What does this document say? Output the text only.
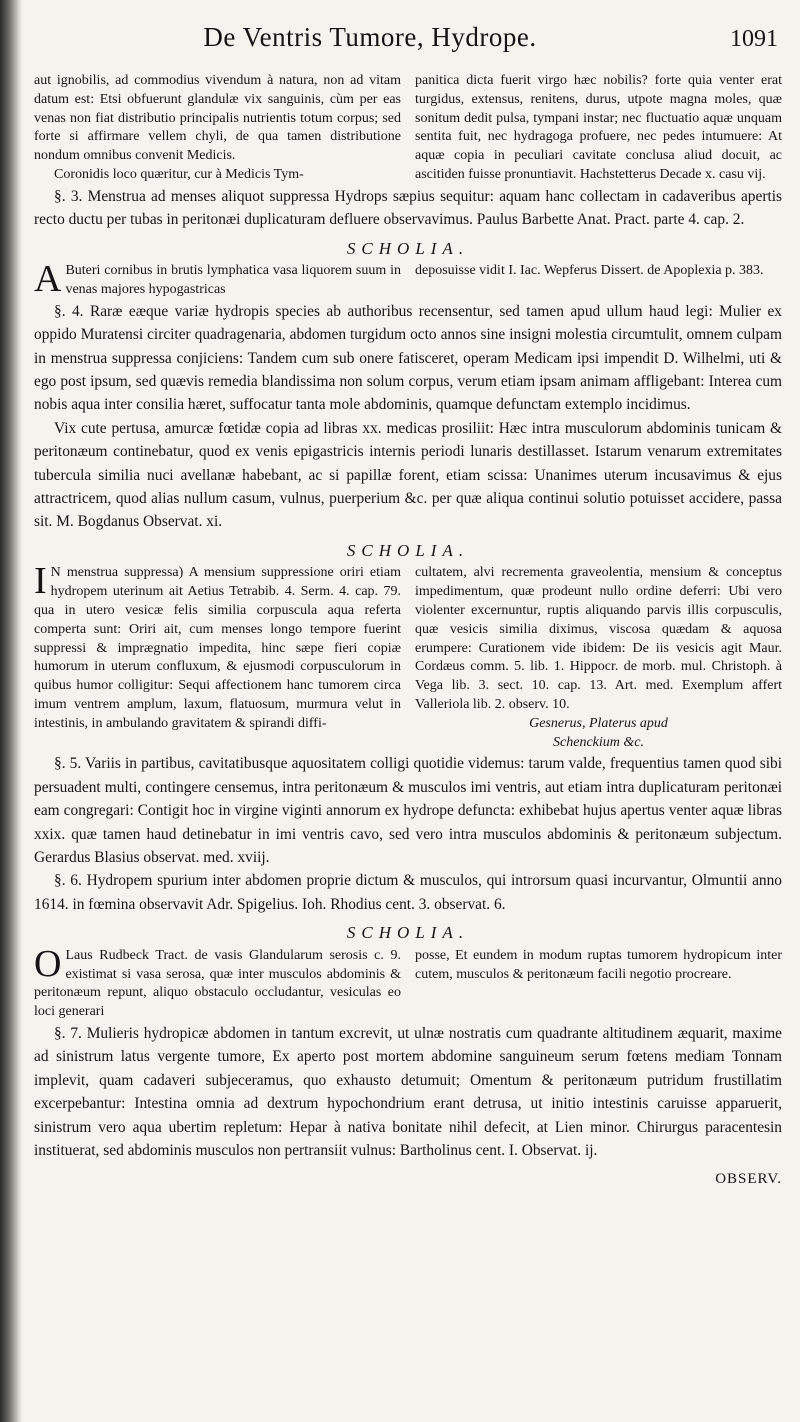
De Ventris Tumore, Hydrope.	1091

aut ignobilis, ad commodius vivendum à natura, non ad vitam datum est: Etsi obfuerunt glandulæ vix sanguinis, cùm per eas venas non fiat distributio principalis nutrientis totum corpus; sed forte si affirmare vellem chyli, de qua tamen distributione nondum omnibus convenit Medicis.

Coronidis loco quæritur, cur à Medicis Tym-

panitica dicta fuerit virgo hæc nobilis? forte quia venter erat turgidus, extensus, renitens, durus, utpote magna moles, quæ sonitum dedit pulsa, tympani instar; nec fluctuatio aquæ unquam sentita fuit, nec hydragoga profuere, nec pedes intumuere: At aquæ copia in peculiari cavitate conclusa aliud docuit, ac ascitiden fuisse pronuntiavit. Hachstetterus Decade x. casu vij.

§. 3. Menstrua ad menses aliquot suppressa Hydrops sæpius sequitur: aquam hanc collectam in cadaveribus apertis recto ductu per tubas in peritonæi duplicaturam defluere observavimus. Paulus Barbette Anat. Pract. parte 4. cap. 2.

SCHOLIA.
A Buteri cornibus in brutis lymphatica vasa liquorem suum in venas majores hypogastricas

deposuisse vidit I. Iac. Wepferus Dissert. de Apoplexia p. 383.

§. 4. Raræ eæque variæ hydropis species ab authoribus recensentur, sed tamen apud ullum haud legi: Mulier ex oppido Muratensi circiter quadragenaria, abdomen turgidum octo annos sine insigni molestia circumtulit, omnem culpam in menstrua suppressa conjiciens: Tandem cum sub onere fatisceret, operam Medicam ipsi impendit D. Wilhelmi, uti & ego post ipsum, sed quævis remedia blandissima non solum corpus, verum etiam ipsam animam affligebant: Interea cum nobis aqua inter consilia hæret, suffocatur tanta mole abdominis, quamque defunctam extemplo incidimus.

Vix cute pertusa, amurcæ fœtidæ copia ad libras xx. medicas prosiliit: Hæc intra musculorum abdominis tunicam & peritonæum continebatur, quod ex venis epigastricis internis periodi lunaris destillasset. Istarum venarum extremitates tubercula similia nuci avellanæ habebant, ac si papillæ forent, etiam scissa: Unanimes uterum incusavimus & ejus attractricem, quod alias nullum casum, vulnus, puerperium &c. per quæ aliqua continui solutio potuisset accidere, passa sit. M. Bogdanus Observat. xi.

SCHOLIA.
I N menstrua suppressa) A mensium suppressione oriri etiam hydropem uterinum ait Aetius Tetrabib. 4. Serm. 4. cap. 79. qua in utero vesicæ felis similia corpuscula aqua referta comperta sunt: Oriri ait, cum menses longo tempore fuerint suppressi & imprægnatio impedita, hinc sæpe fieri copiæ humorum in uterum confluxum, & ejusmodi corpusculorum in quibus humor colligitur: Sequi affectionem hanc tumorem circa imum ventrem amplum, laxum, flatuosum, murmura velut in intestinis, in ambulando gravitatem & spirandi diffi-

cultatem, alvi recrementa graveolentia, mensium & conceptus impedimentum, quæ prodeunt nullo ordine deferri: Ubi vero violenter excernuntur, ruptis aliquando parvis illis corpusculis, quæ vesicis similia diximus, viscosa quædam & aquosa erumpere: Curationem vide ibidem: De iis vesicis agit Maur. Cordæus comm. 5. lib. 1. Hippocr. de morb. mul. Christoph. à Vega lib. 3. sect. 10. cap. 13. Art. med. Exemplum affert Valleriola lib. 2. observ. 10.

Gesnerus, Platerus apud

Schenckium &c.

§. 5. Variis in partibus, cavitatibusque aquositatem colligi quotidie videmus: tarum valde, frequentius tamen quod sibi persuadent multi, contingere censemus, intra peritonæum & musculos imi ventris, aut etiam intra duplicaturam peritonæi eam congregari: Contigit hoc in virgine viginti annorum ex hydrope defuncta: exhibebat hujus apertus venter aquæ libras xxix. quæ tamen haud detinebatur in imi ventris cavo, sed vero intra musculos abdominis & peritonæum subjectum. Gerardus Blasius observat. med. xviij.

§. 6. Hydropem spurium inter abdomen proprie dictum & musculos, qui introrsum quasi incurvantur, Olmuntii anno 1614. in fœmina observavit Adr. Spigelius. Ioh. Rhodius cent. 3. observat. 6.

SCHOLIA.
O Laus Rudbeck Tract. de vasis Glandularum serosis c. 9. existimat si vasa serosa, quæ inter musculos abdominis & peritonæum repunt, aliquo obstaculo occludantur, vesiculas eo loci generari

posse, Et eundem in modum ruptas tumorem hydropicum inter cutem, musculos & peritonæum facili negotio procreare.

§. 7. Mulieris hydropicæ abdomen in tantum excrevit, ut ulnæ nostratis cum quadrante altitudinem æquarit, maxime ad sinistrum latus vergente tumore, Ex aperto post mortem abdomine sanguineum serum fœtens mediam Tonnam implevit, quam cadaveri subjeceramus, quo exhausto detumuit; Omentum & peritonæum putridum frustillatim excerpebantur: Intestina omnia ad dextrum hypochondrium erant detrusa, ut initio intestinis caruisse apparuerit, sinistrum vero aqua ubertim repletum: Hepar à nativa bonitate nihil defecit, at Lien minor. Chirurgus paracentesin instituerat, sed abdominis musculos non pertransiit vulnus: Bartholinus cent. I. Observat. ij.

OBSERV.
